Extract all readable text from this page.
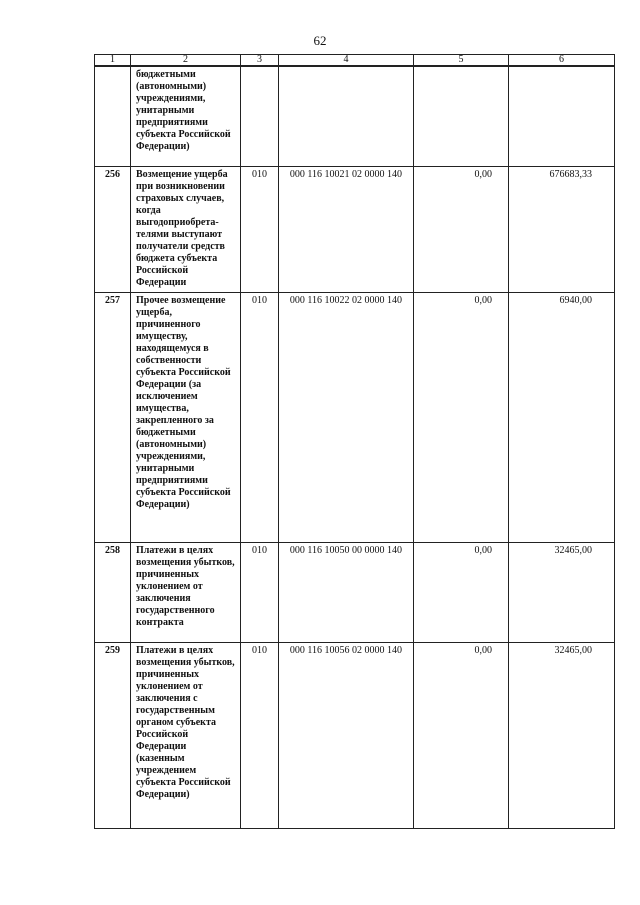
62
1	2	3	4	5	6
	бюджетными (автономными) учреждениями, унитарными предприятиями субъекта Российской Федерации)				
256	Возмещение ущерба при возникновении страховых случаев, когда выгодоприобрета-телями выступают получатели средств бюджета субъекта Российской Федерации	010	000 116 10021 02 0000 140	0,00	676683,33
257	Прочее возмещение ущерба, причиненного имуществу, находящемуся в собственности субъекта Российской Федерации (за исключением имущества, закрепленного за бюджетными (автономными) учреждениями, унитарными предприятиями субъекта Российской Федерации)	010	000 116 10022 02 0000 140	0,00	6940,00
258	Платежи в целях возмещения убытков, причиненных уклонением от заключения государственного контракта	010	000 116 10050 00 0000 140	0,00	32465,00
259	Платежи в целях возмещения убытков, причиненных уклонением от заключения с государственным органом субъекта Российской Федерации (казенным учреждением субъекта Российской Федерации)	010	000 116 10056 02 0000 140	0,00	32465,00
